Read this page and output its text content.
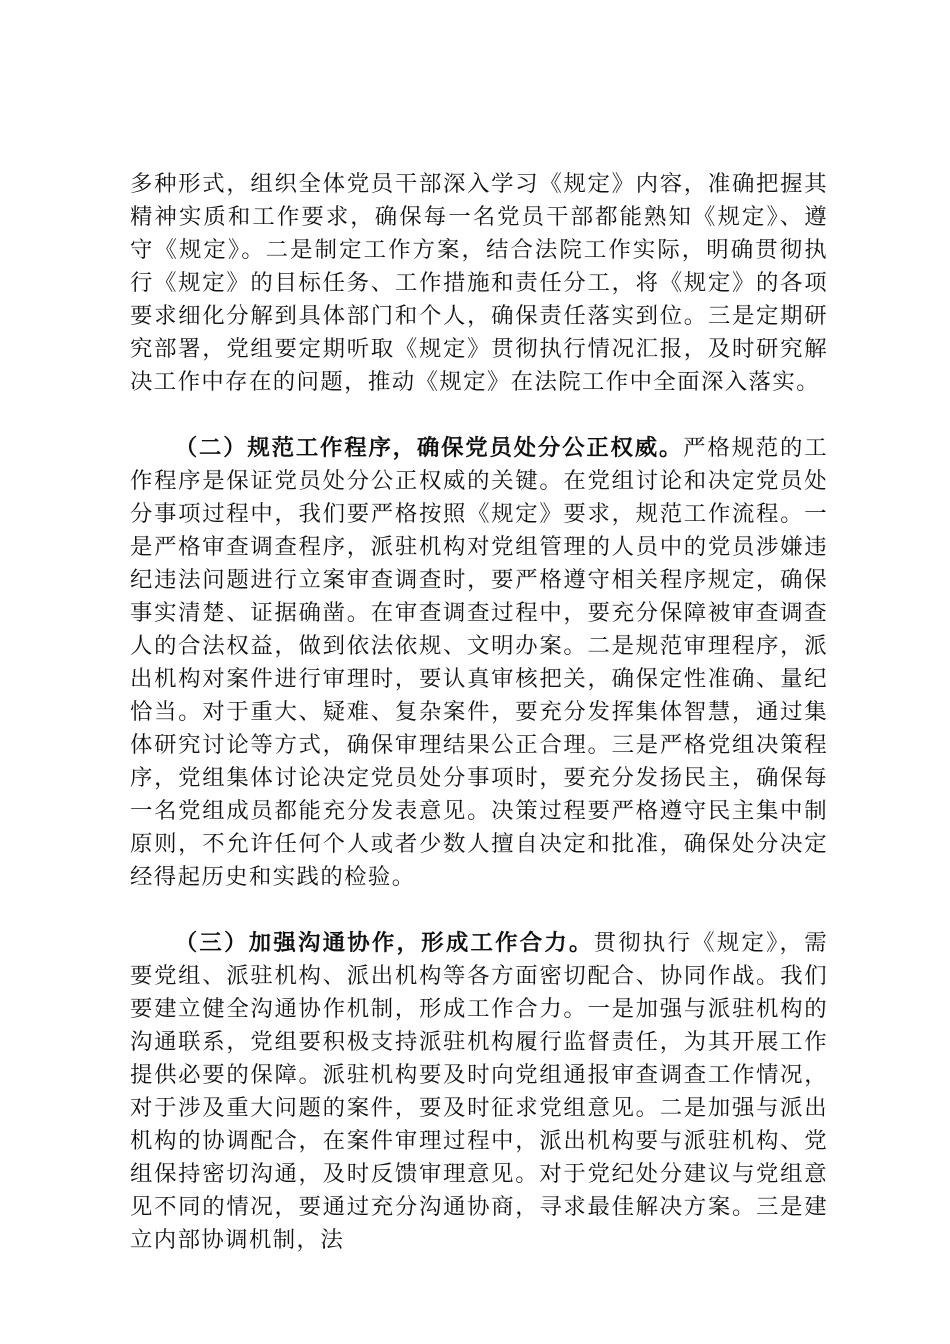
多种形式，组织全体党员干部深入学习《规定》内容，准确把握其精神实质和工作要求，确保每一名党员干部都能熟知《规定》、遵守《规定》。二是制定工作方案，结合法院工作实际，明确贯彻执行《规定》的目标任务、工作措施和责任分工，将《规定》的各项要求细化分解到具体部门和个人，确保责任落实到位。三是定期研究部署，党组要定期听取《规定》贯彻执行情况汇报，及时研究解决工作中存在的问题，推动《规定》在法院工作中全面深入落实。

（二）规范工作程序，确保党员处分公正权威。严格规范的工作程序是保证党员处分公正权威的关键。在党组讨论和决定党员处分事项过程中，我们要严格按照《规定》要求，规范工作流程。一是严格审查调查程序，派驻机构对党组管理的人员中的党员涉嫌违纪违法问题进行立案审查调查时，要严格遵守相关程序规定，确保事实清楚、证据确凿。在审查调查过程中，要充分保障被审查调查人的合法权益，做到依法依规、文明办案。二是规范审理程序，派出机构对案件进行审理时，要认真审核把关，确保定性准确、量纪恰当。对于重大、疑难、复杂案件，要充分发挥集体智慧，通过集体研究讨论等方式，确保审理结果公正合理。三是严格党组决策程序，党组集体讨论决定党员处分事项时，要充分发扬民主，确保每一名党组成员都能充分发表意见。决策过程要严格遵守民主集中制原则，不允许任何个人或者少数人擅自决定和批准，确保处分决定经得起历史和实践的检验。

（三）加强沟通协作，形成工作合力。贯彻执行《规定》，需要党组、派驻机构、派出机构等各方面密切配合、协同作战。我们要建立健全沟通协作机制，形成工作合力。一是加强与派驻机构的沟通联系，党组要积极支持派驻机构履行监督责任，为其开展工作提供必要的保障。派驻机构要及时向党组通报审查调查工作情况，对于涉及重大问题的案件，要及时征求党组意见。二是加强与派出机构的协调配合，在案件审理过程中，派出机构要与派驻机构、党组保持密切沟通，及时反馈审理意见。对于党纪处分建议与党组意见不同的情况，要通过充分沟通协商，寻求最佳解决方案。三是建立内部协调机制，法
